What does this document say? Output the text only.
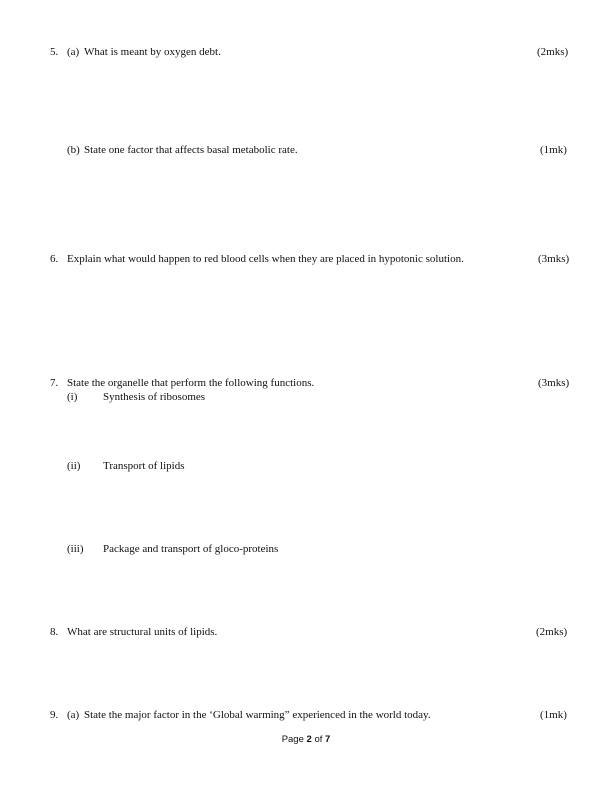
5. (a) What is meant by oxygen debt.	(2mks)
(b) State one factor that affects basal metabolic rate.	(1mk)
6. Explain what would happen to red blood cells when they are placed in hypotonic solution.	(3mks)
7. State the organelle that perform the following functions.	(3mks)
(i) Synthesis of ribosomes
(ii) Transport of lipids
(iii) Package and transport of gloco-proteins
8. What are structural units of lipids.	(2mks)
9. (a) State the major factor in the ‘Global warming” experienced in the world today.	(1mk)
Page 2 of 7
